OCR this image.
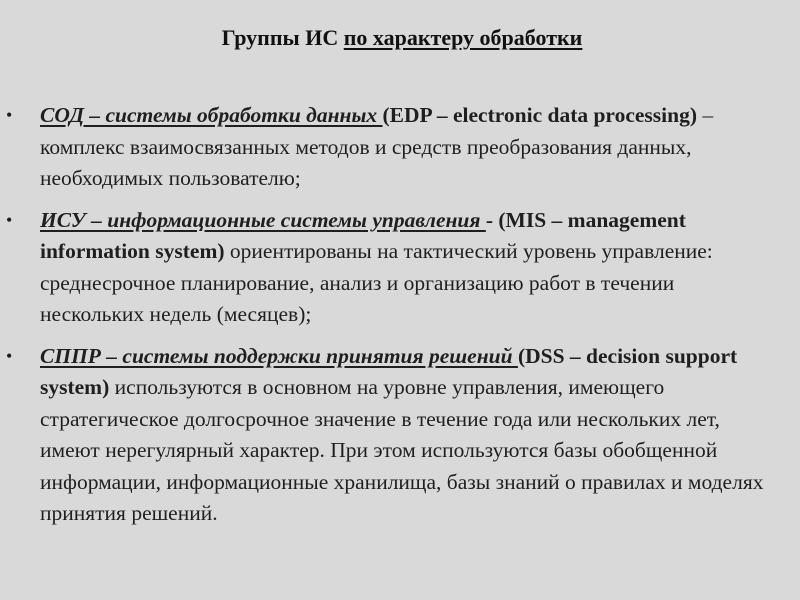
Группы ИС по характеру обработки
• СОД – системы обработки данных (EDP – electronic data processing) – комплекс взаимосвязанных методов и средств преобразования данных, необходимых пользователю;
• ИСУ – информационные системы управления - (MIS – management information system) ориентированы на тактический уровень управление: среднесрочное планирование, анализ и организацию работ в течении нескольких недель (месяцев);
• СППР – системы поддержки принятия решений (DSS – decision support system) используются в основном на уровне управления, имеющего стратегическое долгосрочное значение в течение года или нескольких лет, имеют нерегулярный характер. При этом используются базы обобщенной информации, информационные хранилища, базы знаний о правилах и моделях принятия решений.
